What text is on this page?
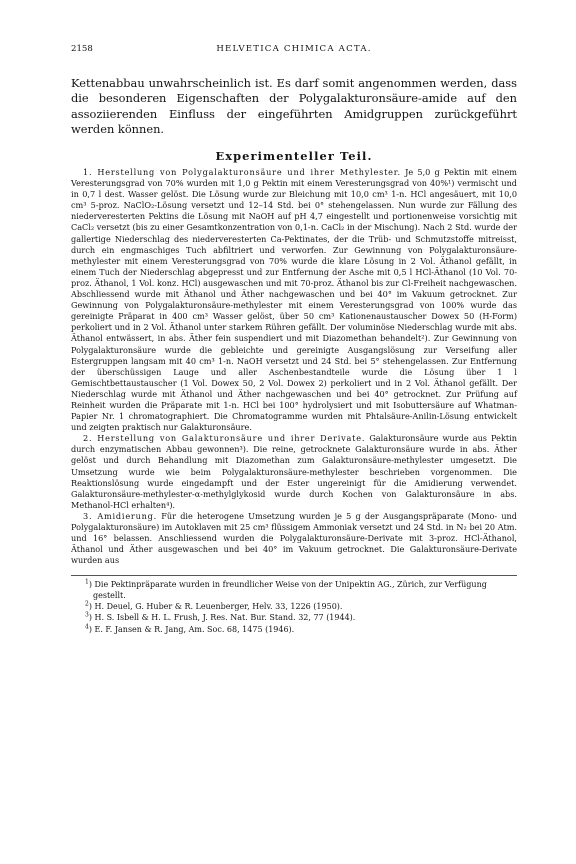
2158	HELVETICA CHIMICA ACTA.

Kettenabbau unwahrscheinlich ist. Es darf somit angenommen werden, dass die besonderen Eigenschaften der Polygalakturonsäure-amide auf den assoziierenden Einfluss der eingeführten Amidgruppen zurückgeführt werden können.

Experimenteller Teil.

1. Herstellung von Polygalakturonsäure und ihrer Methylester. Je 5,0 g Pektin mit einem Veresterungsgrad von 70% wurden mit 1,0 g Pektin mit einem Veresterungsgrad von 40%¹) vermischt und in 0,7 l dest. Wasser gelöst. Die Lösung wurde zur Bleichung mit 10,0 cm³ 1-n. HCl angesäuert, mit 10,0 cm³ 5-proz. NaClO₂-Lösung versetzt und 12–14 Std. bei 0° stehengelassen. Nun wurde zur Fällung des niederveresterten Pektins die Lösung mit NaOH auf pH 4,7 eingestellt und portionenweise vorsichtig mit CaCl₂ versetzt (bis zu einer Gesamtkonzentration von 0,1-n. CaCl₂ in der Mischung). Nach 2 Std. wurde der gallertige Niederschlag des niederveresterten Ca-Pektinates, der die Trüb- und Schmutzstoffe mitreisst, durch ein engmaschiges Tuch abfiltriert und verworfen. Zur Gewinnung von Polygalakturonsäure-methylester mit einem Veresterungsgrad von 70% wurde die klare Lösung in 2 Vol. Äthanol gefällt, in einem Tuch der Niederschlag abgepresst und zur Entfernung der Asche mit 0,5 l HCl-Äthanol (10 Vol. 70-proz. Äthanol, 1 Vol. konz. HCl) ausgewaschen und mit 70-proz. Äthanol bis zur Cl-Freiheit nachgewaschen. Abschliessend wurde mit Äthanol und Äther nachgewaschen und bei 40° im Vakuum getrocknet. Zur Gewinnung von Polygalakturonsäure-methylester mit einem Veresterungsgrad von 100% wurde das gereinigte Präparat in 400 cm³ Wasser gelöst, über 50 cm³ Kationenaustauscher Dowex 50 (H-Form) perkoliert und in 2 Vol. Äthanol unter starkem Rühren gefällt. Der voluminöse Niederschlag wurde mit abs. Äthanol entwässert, in abs. Äther fein suspendiert und mit Diazomethan behandelt²). Zur Gewinnung von Polygalakturonsäure wurde die gebleichte und gereinigte Ausgangslösung zur Verseifung aller Estergruppen langsam mit 40 cm³ 1-n. NaOH versetzt und 24 Std. bei 5° stehengelassen. Zur Entfernung der überschüssigen Lauge und aller Aschenbestandteile wurde die Lösung über 1 l Gemischtbettaustauscher (1 Vol. Dowex 50, 2 Vol. Dowex 2) perkoliert und in 2 Vol. Äthanol gefällt. Der Niederschlag wurde mit Äthanol und Äther nachgewaschen und bei 40° getrocknet. Zur Prüfung auf Reinheit wurden die Präparate mit 1-n. HCl bei 100° hydrolysiert und mit Isobuttersäure auf Whatman-Papier Nr. 1 chromatographiert. Die Chromatogramme wurden mit Phtalsäure-Anilin-Lösung entwickelt und zeigten praktisch nur Galakturonsäure.

2. Herstellung von Galakturonsäure und ihrer Derivate. Galakturonsäure wurde aus Pektin durch enzymatischen Abbau gewonnen³). Die reine, getrocknete Galakturonsäure wurde in abs. Äther gelöst und durch Behandlung mit Diazomethan zum Galakturonsäure-methylester umgesetzt. Die Umsetzung wurde wie beim Polygalakturonsäure-methylester beschrieben vorgenommen. Die Reaktionslösung wurde eingedampft und der Ester ungereinigt für die Amidierung verwendet. Galakturonsäure-methylester-α-methylglykosid wurde durch Kochen von Galakturonsäure in abs. Methanol-HCl erhalten⁴).

3. Amidierung. Für die heterogene Umsetzung wurden je 5 g der Ausgangspräparate (Mono- und Polygalakturonsäure) im Autoklaven mit 25 cm³ flüssigem Ammoniak versetzt und 24 Std. in N₂ bei 20 Atm. und 16° belassen. Anschliessend wurden die Polygalakturonsäure-Derivate mit 3-proz. HCl-Äthanol, Äthanol und Äther ausgewaschen und bei 40° im Vakuum getrocknet. Die Galakturonsäure-Derivate wurden aus

$^1$) Die Pektinpräparate wurden in freundlicher Weise von der Unipektin AG., Zürich, zur Verfügung gestellt.

$^2$) H. Deuel, G. Huber & R. Leuenberger, Helv. 33, 1226 (1950).

$^3$) H. S. Isbell & H. L. Frush, J. Res. Nat. Bur. Stand. 32, 77 (1944).

$^4$) E. F. Jansen & R. Jang, Am. Soc. 68, 1475 (1946).
